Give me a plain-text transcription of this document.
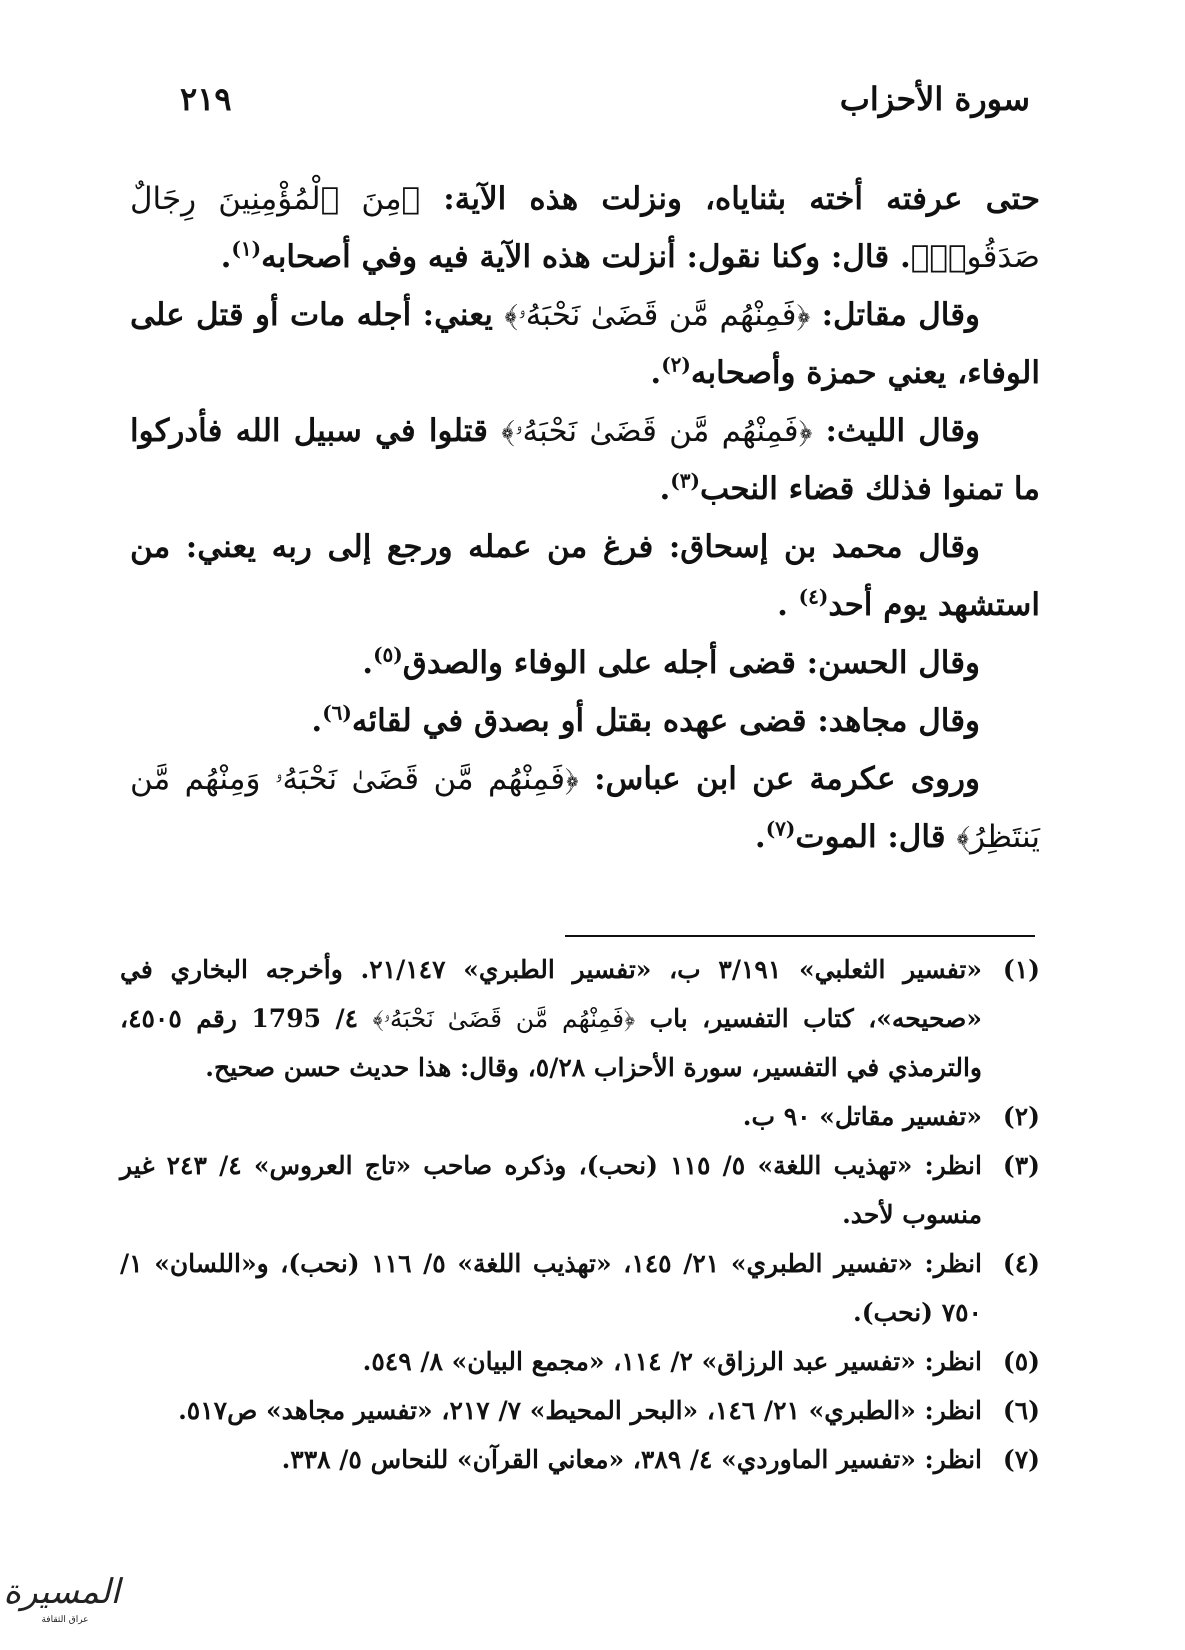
سورة الأحزاب
٢١٩

حتى عرفته أخته بثناياه، ونزلت هذه الآية: ﴿مِنَ ٱلْمُؤْمِنِينَ رِجَالٌ صَدَقُوا۟﴾. قال: وكنا نقول: أنزلت هذه الآية فيه وفي أصحابه$^{(١)}$.

وقال مقاتل: ﴿فَمِنْهُم مَّن قَضَىٰ نَحْبَهُۥ﴾ يعني: أجله مات أو قتل على الوفاء، يعني حمزة وأصحابه$^{(٢)}$.

وقال الليث: ﴿فَمِنْهُم مَّن قَضَىٰ نَحْبَهُۥ﴾ قتلوا في سبيل الله فأدركوا ما تمنوا فذلك قضاء النحب$^{(٣)}$.

وقال محمد بن إسحاق: فرغ من عمله ورجع إلى ربه يعني: من استشهد يوم أحد$^{(٤)}$ .

وقال الحسن: قضى أجله على الوفاء والصدق$^{(٥)}$.

وقال مجاهد: قضى عهده بقتل أو بصدق في لقائه$^{(٦)}$.

وروى عكرمة عن ابن عباس: ﴿فَمِنْهُم مَّن قَضَىٰ نَحْبَهُۥ وَمِنْهُم مَّن يَنتَظِرُ﴾ قال: الموت$^{(٧)}$.

(١)
«تفسير الثعلبي» ٣/١٩١ ب، «تفسير الطبري» ٢١/١٤٧. وأخرجه البخاري في «صحيحه»، كتاب التفسير، باب ﴿فَمِنْهُم مَّن قَضَىٰ نَحْبَهُۥ﴾ ٤/ 1795 رقم ٤٥٠٥، والترمذي في التفسير، سورة الأحزاب ٥/٢٨، وقال: هذا حديث حسن صحيح.
(٢)
«تفسير مقاتل» ٩٠ ب.
(٣)
انظر: «تهذيب اللغة» ٥/ ١١٥ (نحب)، وذكره صاحب «تاج العروس» ٤/ ٢٤٣ غير منسوب لأحد.
(٤)
انظر: «تفسير الطبري» ٢١/ ١٤٥، «تهذيب اللغة» ٥/ ١١٦ (نحب)، و«اللسان» ١/ ٧٥٠ (نحب).
(٥)
انظر: «تفسير عبد الرزاق» ٢/ ١١٤، «مجمع البيان» ٨/ ٥٤٩.
(٦)
انظر: «الطبري» ٢١/ ١٤٦، «البحر المحيط» ٧/ ٢١٧، «تفسير مجاهد» ص٥١٧.
(٧)
انظر: «تفسير الماوردي» ٤/ ٣٨٩، «معاني القرآن» للنحاس ٥/ ٣٣٨.
المسيرة
عراق الثقافة
